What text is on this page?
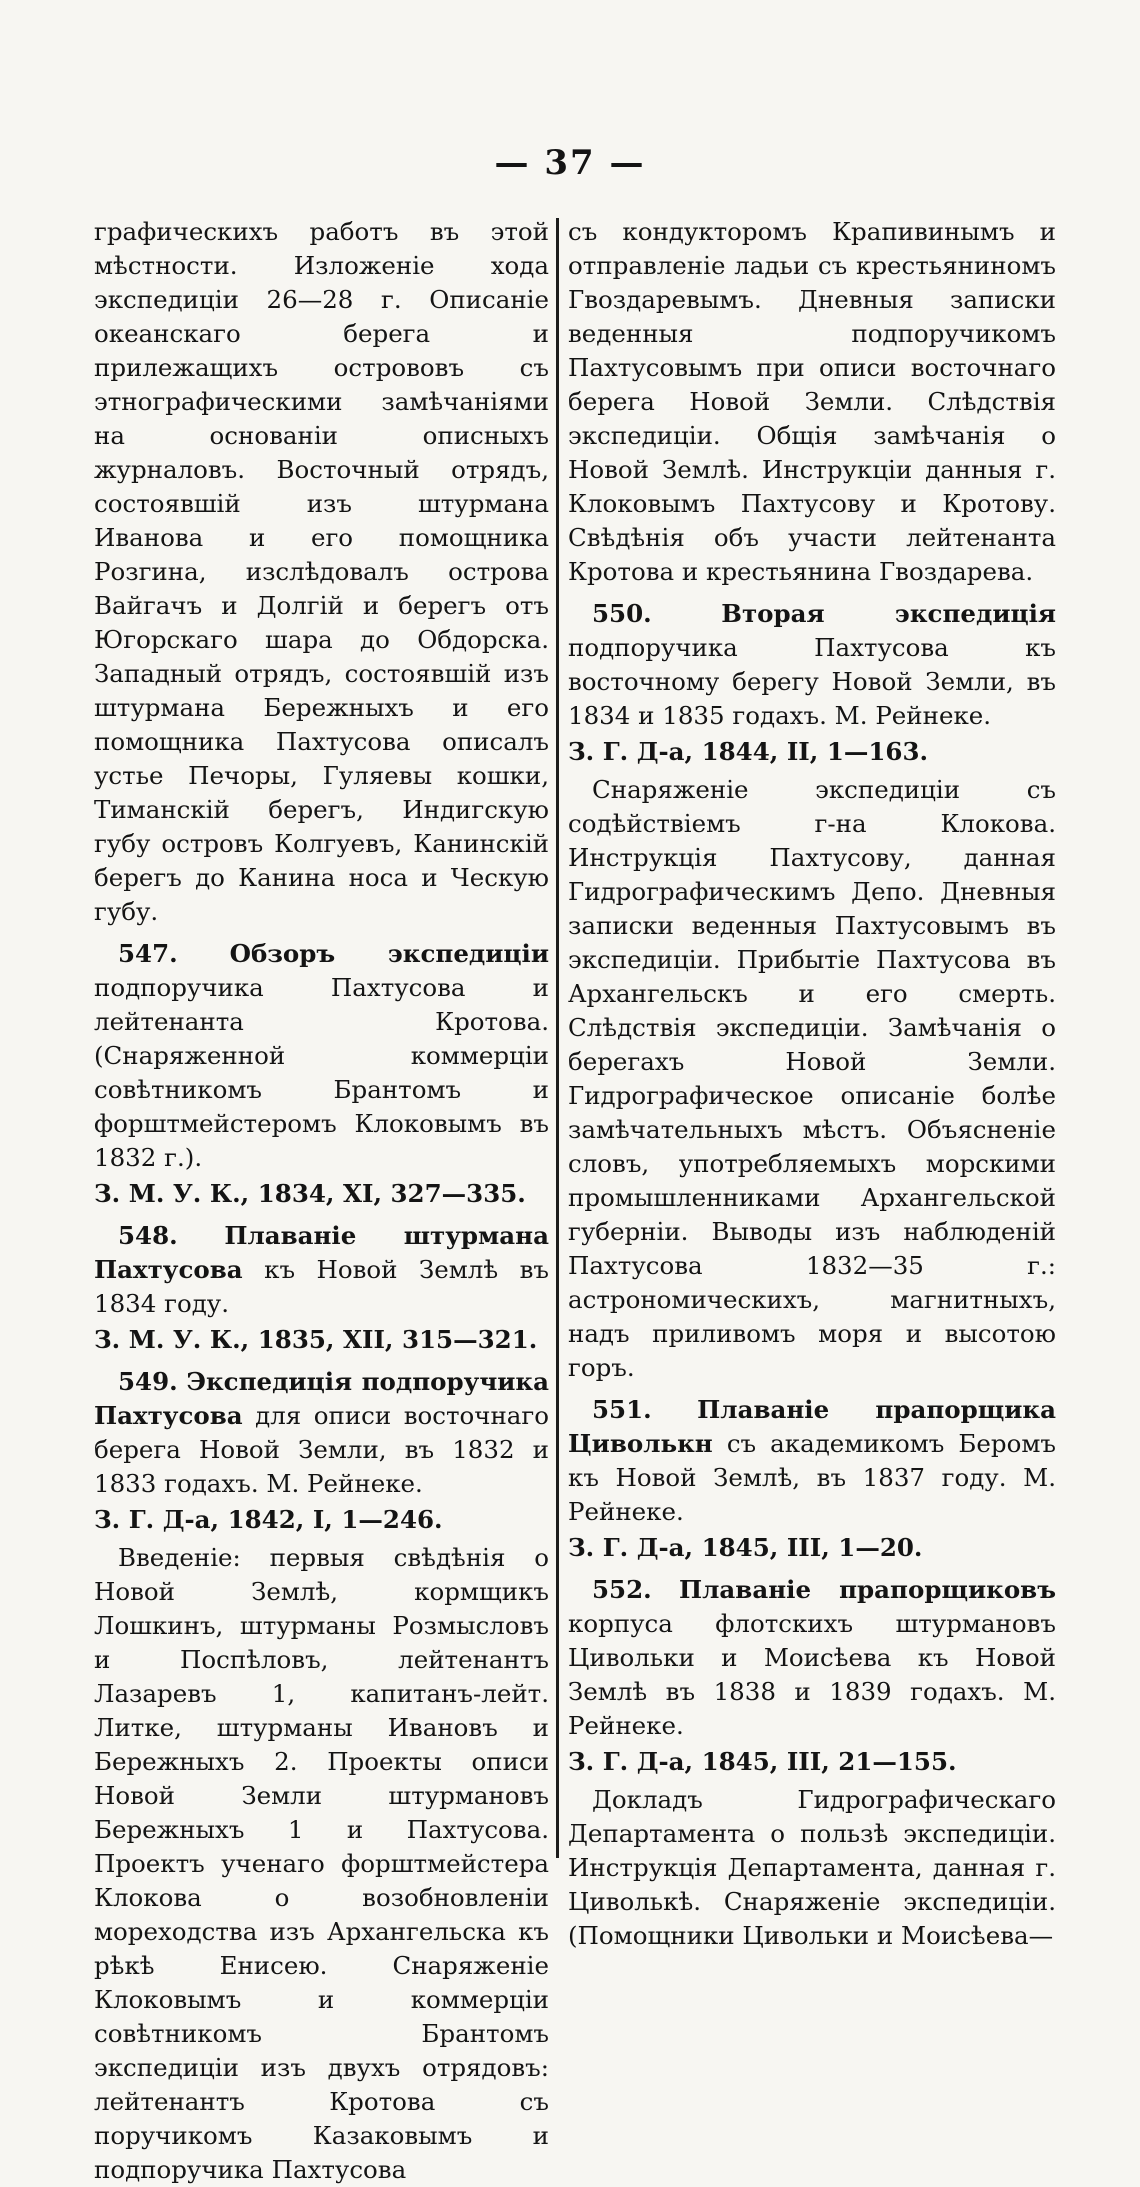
— 37 —

графическихъ работъ въ этой мѣстности. Изложеніе хода экспедиціи 26—28 г. Описаніе океанскаго берега и прилежащихъ острововъ съ этнографическими замѣчаніями на основаніи описныхъ журналовъ. Восточный отрядъ, состоявшій изъ штурмана Иванова и его помощника Розгина, изслѣдовалъ острова Вайгачъ и Долгій и берегъ отъ Югорскаго шара до Обдорска. Западный отрядъ, состоявшій изъ штурмана Бережныхъ и его помощника Пахтусова описалъ устье Печоры, Гуляевы кошки, Тиманскій берегъ, Индигскую губу островъ Колгуевъ, Канинскій берегъ до Канина носа и Ческую губу.

547. Обзоръ экспедиціи подпоручика Пахтусова и лейтенанта Кротова. (Снаряженной коммерціи совѣтникомъ Брантомъ и форштмейстеромъ Клоковымъ въ 1832 г.).

З. М. У. К., 1834, XI, 327—335.

548. Плаваніе штурмана Пахтусова къ Новой Землѣ въ 1834 году.

З. М. У. К., 1835, XII, 315—321.

549. Экспедиція подпоручика Пахтусова для описи восточнаго берега Новой Земли, въ 1832 и 1833 годахъ. М. Рейнеке.

З. Г. Д-а, 1842, I, 1—246.

Введеніе: первыя свѣдѣнія о Новой Землѣ, кормщикъ Лошкинъ, штурманы Розмысловъ и Поспѣловъ, лейтенантъ Лазаревъ 1, капитанъ-лейт. Литке, штурманы Ивановъ и Бережныхъ 2. Проекты описи Новой Земли штурмановъ Бережныхъ 1 и Пахтусова. Проектъ ученаго форштмейстера Клокова о возобновленіи мореходства изъ Архангельска къ рѣкѣ Енисею. Снаряженіе Клоковымъ и коммерціи совѣтникомъ Брантомъ экспедиціи изъ двухъ отрядовъ: лейтенантъ Кротова съ поручикомъ Казаковымъ и подпоручика Пахтусова

съ кондукторомъ Крапивинымъ и отправленіе ладьи съ крестьяниномъ Гвоздаревымъ. Дневныя записки веденныя подпоручикомъ Пахтусовымъ при описи восточнаго берега Новой Земли. Слѣдствія экспедиціи. Общія замѣчанія о Новой Землѣ. Инструкціи данныя г. Клоковымъ Пахтусову и Кротову. Свѣдѣнія объ участи лейтенанта Кротова и крестьянина Гвоздарева.

550.	Вторая экспедиція подпоручика Пахтусова къ восточному берегу Новой Земли, въ 1834 и 1835 годахъ. М. Рейнеке.

З. Г. Д-а, 1844, II, 1—163.

Снаряженіе экспедиціи съ содѣйствіемъ г-на Клокова. Инструкція Пахтусову, данная Гидрографическимъ Депо. Дневныя записки веденныя Пахтусовымъ въ экспедиціи. Прибытіе Пахтусова въ Архангельскъ и его смерть. Слѣдствія экспедиціи. Замѣчанія о берегахъ Новой Земли. Гидрографическое описаніе болѣе замѣчательныхъ мѣстъ. Объясненіе словъ, употребляемыхъ морскими промышленниками Архангельской губерніи. Выводы изъ наблюденій Пахтусова 1832—35 г.: астрономическихъ, магнитныхъ, надъ приливомъ моря и высотою горъ.

551. Плаваніе прапорщика Циволькн съ академикомъ Беромъ къ Новой Землѣ, въ 1837 году. М. Рейнеке.

З. Г. Д-а, 1845, III, 1—20.

552. Плаваніе прапорщиковъ корпуса флотскихъ штурмановъ Цивольки и Моисѣева къ Новой Землѣ въ 1838 и 1839 годахъ. М. Рейнеке.

З. Г. Д-а, 1845, III, 21—155.

Докладъ Гидрографическаго Департамента о пользѣ экспедиціи. Инструкція Департамента, данная г. Циволькѣ. Снаряженіе экспедиціи. (Помощники Цивольки и Моисѣева—
